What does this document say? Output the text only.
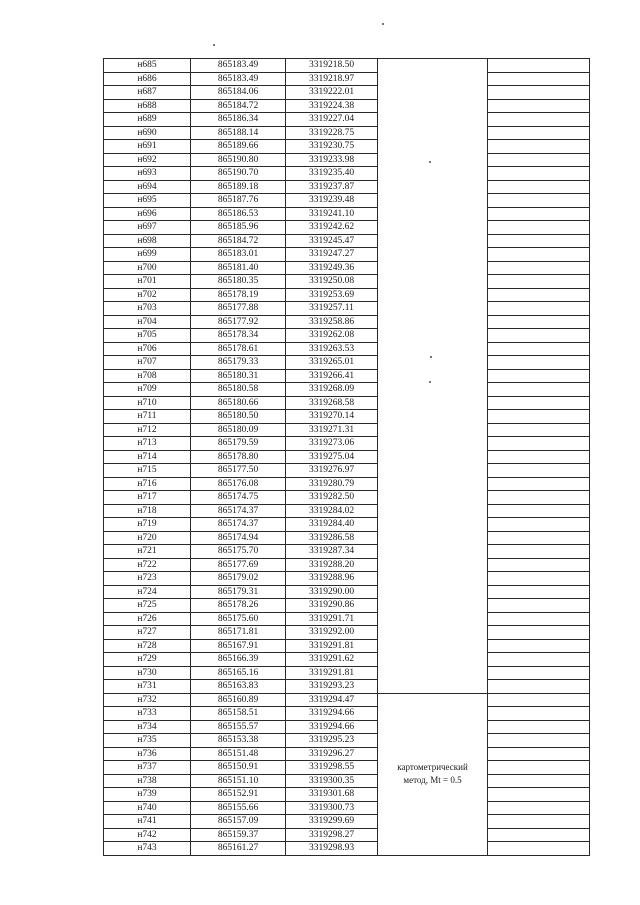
н685	865183.49	3319218.50		
н686	865183.49	3319218.97		
н687	865184.06	3319222.01		
н688	865184.72	3319224.38		
н689	865186.34	3319227.04		
н690	865188.14	3319228.75		
н691	865189.66	3319230.75		
н692	865190.80	3319233.98		
н693	865190.70	3319235.40		
н694	865189.18	3319237.87		
н695	865187.76	3319239.48		
н696	865186.53	3319241.10		
н697	865185.96	3319242.62		
н698	865184.72	3319245.47		
н699	865183.01	3319247.27		
н700	865181.40	3319249.36		
н701	865180.35	3319250.08		
н702	865178.19	3319253.69		
н703	865177.88	3319257.11		
н704	865177.92	3319258.86		
н705	865178.34	3319262.08		
н706	865178.61	3319263.53		
н707	865179.33	3319265.01		
н708	865180.31	3319266.41		
н709	865180.58	3319268.09		
н710	865180.66	3319268.58		
н711	865180.50	3319270.14		
н712	865180.09	3319271.31		
н713	865179.59	3319273.06		
н714	865178.80	3319275.04		
н715	865177.50	3319276.97		
н716	865176.08	3319280.79		
н717	865174.75	3319282.50		
н718	865174.37	3319284.02		
н719	865174.37	3319284.40		
н720	865174.94	3319286.58		
н721	865175.70	3319287.34		
н722	865177.69	3319288.20		
н723	865179.02	3319288.96		
н724	865179.31	3319290.00		
н725	865178.26	3319290.86		
н726	865175.60	3319291.71		
н727	865171.81	3319292.00		
н728	865167.91	3319291.81		
н729	865166.39	3319291.62		
н730	865165.16	3319291.81		
н731	865163.83	3319293.23		
н732	865160.89	3319294.47	картометрический
метод, Mt = 0.5	

н733	865158.51	3319294.66		
н734	865155.57	3319294.66		
н735	865153.38	3319295.23		
н736	865151.48	3319296.27		
н737	865150.91	3319298.55		
н738	865151.10	3319300.35		
н739	865152.91	3319301.68		
н740	865155.66	3319300.73		
н741	865157.09	3319299.69		
н742	865159.37	3319298.27		
н743	865161.27	3319298.93		
